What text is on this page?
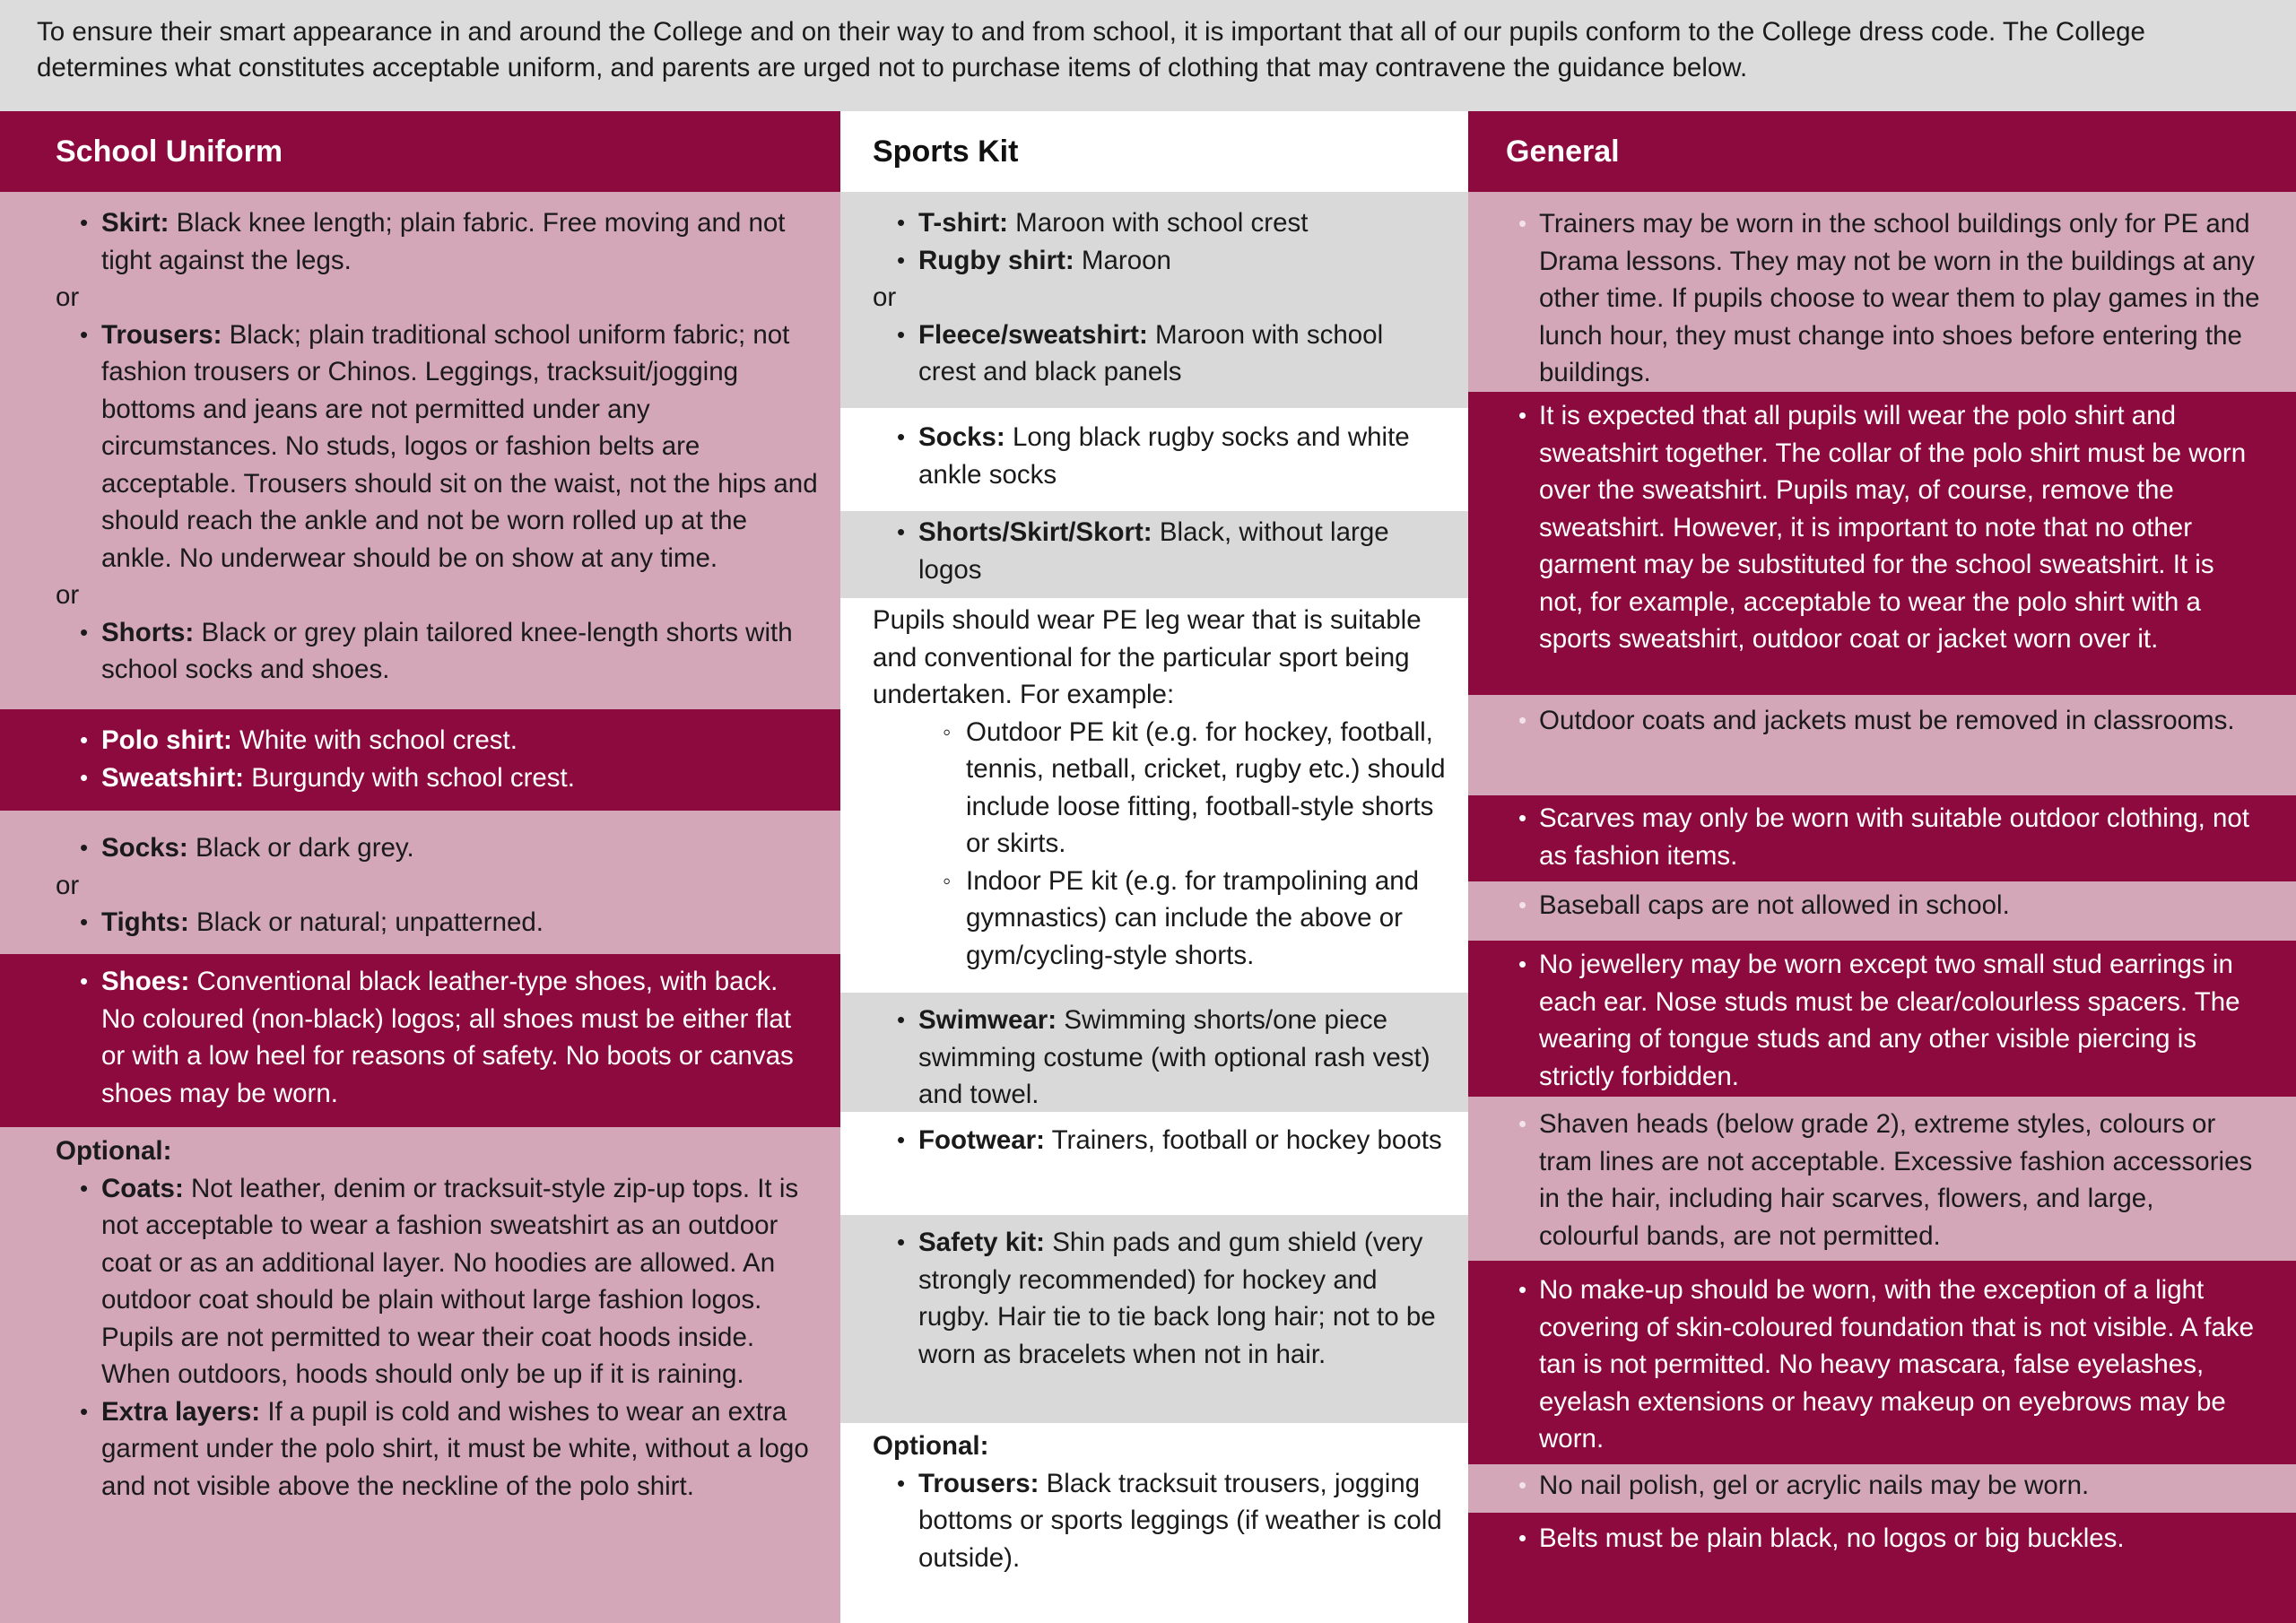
To ensure their smart appearance in and around the College and on their way to and from school, it is important that all of our pupils conform to the College dress code. The College determines what constitutes acceptable uniform, and parents are urged not to purchase items of clothing that may contravene the guidance below.
School Uniform
• Skirt: Black knee length; plain fabric. Free moving and not tight against the legs.
or
• Trousers: Black; plain traditional school uniform fabric; not fashion trousers or Chinos. Leggings, tracksuit/jogging bottoms and jeans are not permitted under any circumstances. No studs, logos or fashion belts are acceptable. Trousers should sit on the waist, not the hips and should reach the ankle and not be worn rolled up at the ankle. No underwear should be on show at any time.
or
• Shorts: Black or grey plain tailored knee-length shorts with school socks and shoes.
• Polo shirt: White with school crest.
• Sweatshirt: Burgundy with school crest.
• Socks: Black or dark grey.
or
• Tights: Black or natural; unpatterned.
• Shoes: Conventional black leather-type shoes, with back. No coloured (non-black) logos; all shoes must be either flat or with a low heel for reasons of safety. No boots or canvas shoes may be worn.
Optional:
• Coats: Not leather, denim or tracksuit-style zip-up tops. It is not acceptable to wear a fashion sweatshirt as an outdoor coat or as an additional layer. No hoodies are allowed. An outdoor coat should be plain without large fashion logos. Pupils are not permitted to wear their coat hoods inside. When outdoors, hoods should only be up if it is raining.
• Extra layers: If a pupil is cold and wishes to wear an extra garment under the polo shirt, it must be white, without a logo and not visible above the neckline of the polo shirt.
Sports Kit
• T-shirt: Maroon with school crest
• Rugby shirt: Maroon
or
• Fleece/sweatshirt: Maroon with school crest and black panels
• Socks: Long black rugby socks and white ankle socks
• Shorts/Skirt/Skort: Black, without large logos
Pupils should wear PE leg wear that is suitable and conventional for the particular sport being undertaken. For example:
◦ Outdoor PE kit (e.g. for hockey, football, tennis, netball, cricket, rugby etc.) should include loose fitting, football-style shorts or skirts.
◦ Indoor PE kit (e.g. for trampolining and gymnastics) can include the above or gym/cycling-style shorts.
• Swimwear: Swimming shorts/one piece swimming costume (with optional rash vest) and towel.
• Footwear: Trainers, football or hockey boots
• Safety kit: Shin pads and gum shield (very strongly recommended) for hockey and rugby. Hair tie to tie back long hair; not to be worn as bracelets when not in hair.
Optional:
• Trousers: Black tracksuit trousers, jogging bottoms or sports leggings (if weather is cold outside).
General
• Trainers may be worn in the school buildings only for PE and Drama lessons. They may not be worn in the buildings at any other time. If pupils choose to wear them to play games in the lunch hour, they must change into shoes before entering the buildings.
• It is expected that all pupils will wear the polo shirt and sweatshirt together. The collar of the polo shirt must be worn over the sweatshirt. Pupils may, of course, remove the sweatshirt. However, it is important to note that no other garment may be substituted for the school sweatshirt. It is not, for example, acceptable to wear the polo shirt with a sports sweatshirt, outdoor coat or jacket worn over it.
• Outdoor coats and jackets must be removed in classrooms.
• Scarves may only be worn with suitable outdoor clothing, not as fashion items.
• Baseball caps are not allowed in school.
• No jewellery may be worn except two small stud earrings in each ear. Nose studs must be clear/colourless spacers. The wearing of tongue studs and any other visible piercing is strictly forbidden.
• Shaven heads (below grade 2), extreme styles, colours or tram lines are not acceptable. Excessive fashion accessories in the hair, including hair scarves, flowers, and large, colourful bands, are not permitted.
• No make-up should be worn, with the exception of a light covering of skin-coloured foundation that is not visible. A fake tan is not permitted. No heavy mascara, false eyelashes, eyelash extensions or heavy makeup on eyebrows may be worn.
• No nail polish, gel or acrylic nails may be worn.
• Belts must be plain black, no logos or big buckles.
